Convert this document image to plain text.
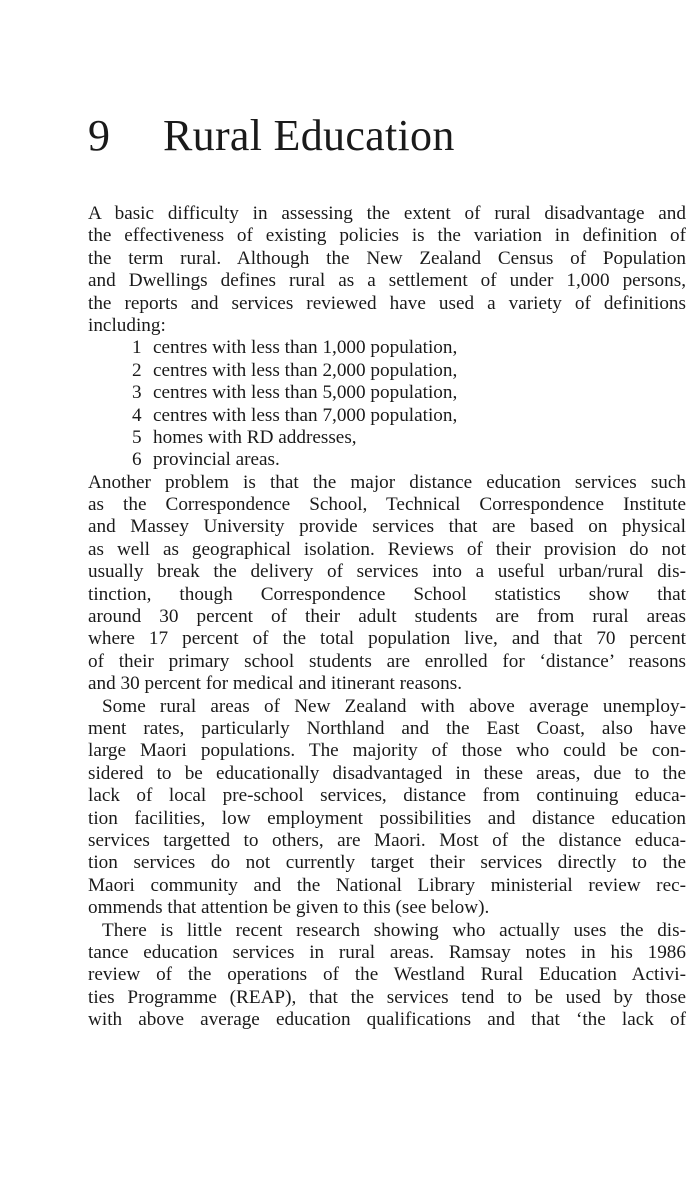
9 Rural Education
A basic difficulty in assessing the extent of rural disadvantage and
the effectiveness of existing policies is the variation in definition of
the term rural. Although the New Zealand Census of Population
and Dwellings defines rural as a settlement of under 1,000 persons,
the reports and services reviewed have used a variety of definitions
including:
1 centres with less than 1,000 population,
2 centres with less than 2,000 population,
3 centres with less than 5,000 population,
4 centres with less than 7,000 population,
5 homes with RD addresses,
6 provincial areas.
Another problem is that the major distance education services such
as the Correspondence School, Technical Correspondence Institute
and Massey University provide services that are based on physical
as well as geographical isolation. Reviews of their provision do not
usually break the delivery of services into a useful urban/rural dis-
tinction, though Correspondence School statistics show that
around 30 percent of their adult students are from rural areas
where 17 percent of the total population live, and that 70 percent
of their primary school students are enrolled for ‘distance’ reasons
and 30 percent for medical and itinerant reasons.
Some rural areas of New Zealand with above average unemploy-
ment rates, particularly Northland and the East Coast, also have
large Maori populations. The majority of those who could be con-
sidered to be educationally disadvantaged in these areas, due to the
lack of local pre-school services, distance from continuing educa-
tion facilities, low employment possibilities and distance education
services targetted to others, are Maori. Most of the distance educa-
tion services do not currently target their services directly to the
Maori community and the National Library ministerial review rec-
ommends that attention be given to this (see below).
There is little recent research showing who actually uses the dis-
tance education services in rural areas. Ramsay notes in his 1986
review of the operations of the Westland Rural Education Activi-
ties Programme (REAP), that the services tend to be used by those
with above average education qualifications and that ‘the lack of
